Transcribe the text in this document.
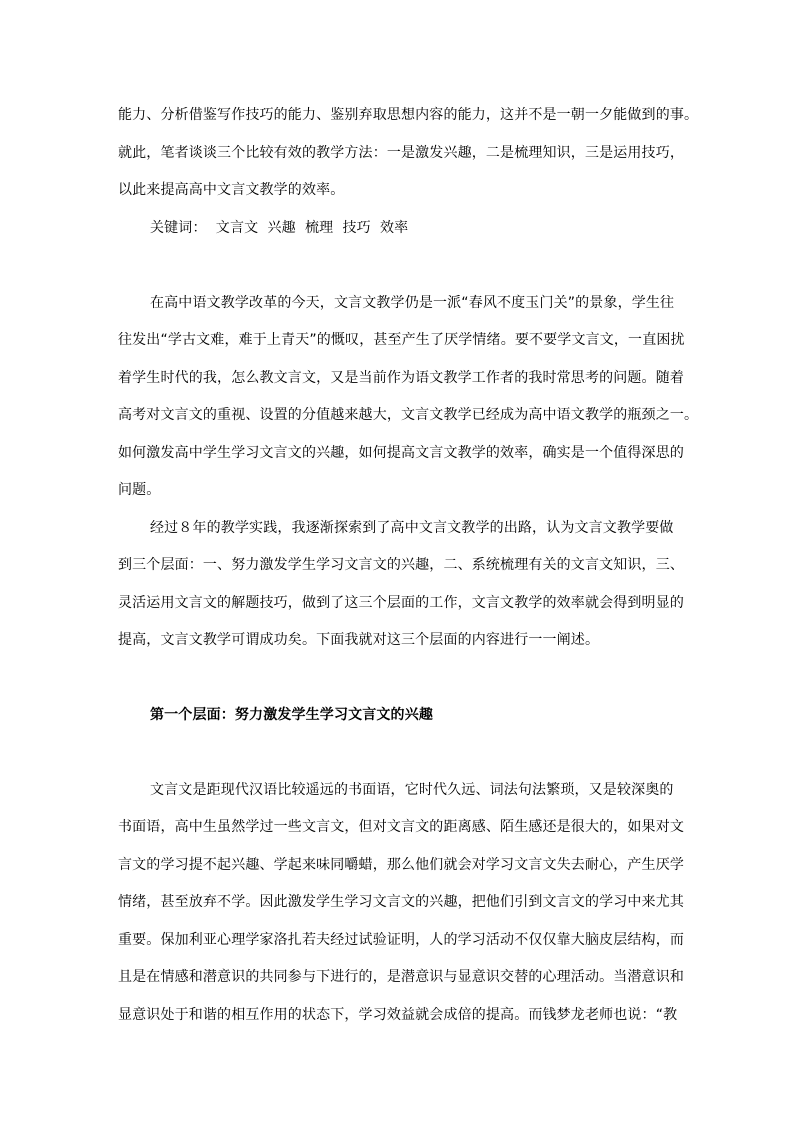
能力、分析借鉴写作技巧的能力、鉴别弃取思想内容的能力，这并不是一朝一夕能做到的事。
就此，笔者谈谈三个比较有效的教学方法：一是激发兴趣，二是梳理知识，三是运用技巧，
以此来提高高中文言文教学的效率。
关键词：  文言文  兴趣  梳理  技巧  效率
在高中语文教学改革的今天，文言文教学仍是一派“春风不度玉门关”的景象，学生往
往发出“学古文难，难于上青天”的慨叹，甚至产生了厌学情绪。要不要学文言文，一直困扰
着学生时代的我，怎么教文言文，又是当前作为语文教学工作者的我时常思考的问题。随着
高考对文言文的重视、设置的分值越来越大，文言文教学已经成为高中语文教学的瓶颈之一。
如何激发高中学生学习文言文的兴趣，如何提高文言文教学的效率，确实是一个值得深思的
问题。
经过８年的教学实践，我逐渐探索到了高中文言文教学的出路，认为文言文教学要做
到三个层面：一、努力激发学生学习文言文的兴趣，二、系统梳理有关的文言文知识，三、
灵活运用文言文的解题技巧，做到了这三个层面的工作，文言文教学的效率就会得到明显的
提高，文言文教学可谓成功矣。下面我就对这三个层面的内容进行一一阐述。
第一个层面：努力激发学生学习文言文的兴趣
文言文是距现代汉语比较遥远的书面语，它时代久远、词法句法繁琐，又是较深奥的
书面语，高中生虽然学过一些文言文，但对文言文的距离感、陌生感还是很大的，如果对文
言文的学习提不起兴趣、学起来味同嚼蜡，那么他们就会对学习文言文失去耐心，产生厌学
情绪，甚至放弃不学。因此激发学生学习文言文的兴趣，把他们引到文言文的学习中来尤其
重要。保加利亚心理学家洛扎若夫经过试验证明，人的学习活动不仅仅靠大脑皮层结构，而
且是在情感和潜意识的共同参与下进行的，是潜意识与显意识交替的心理活动。当潜意识和
显意识处于和谐的相互作用的状态下，学习效益就会成倍的提高。而钱梦龙老师也说：“教
